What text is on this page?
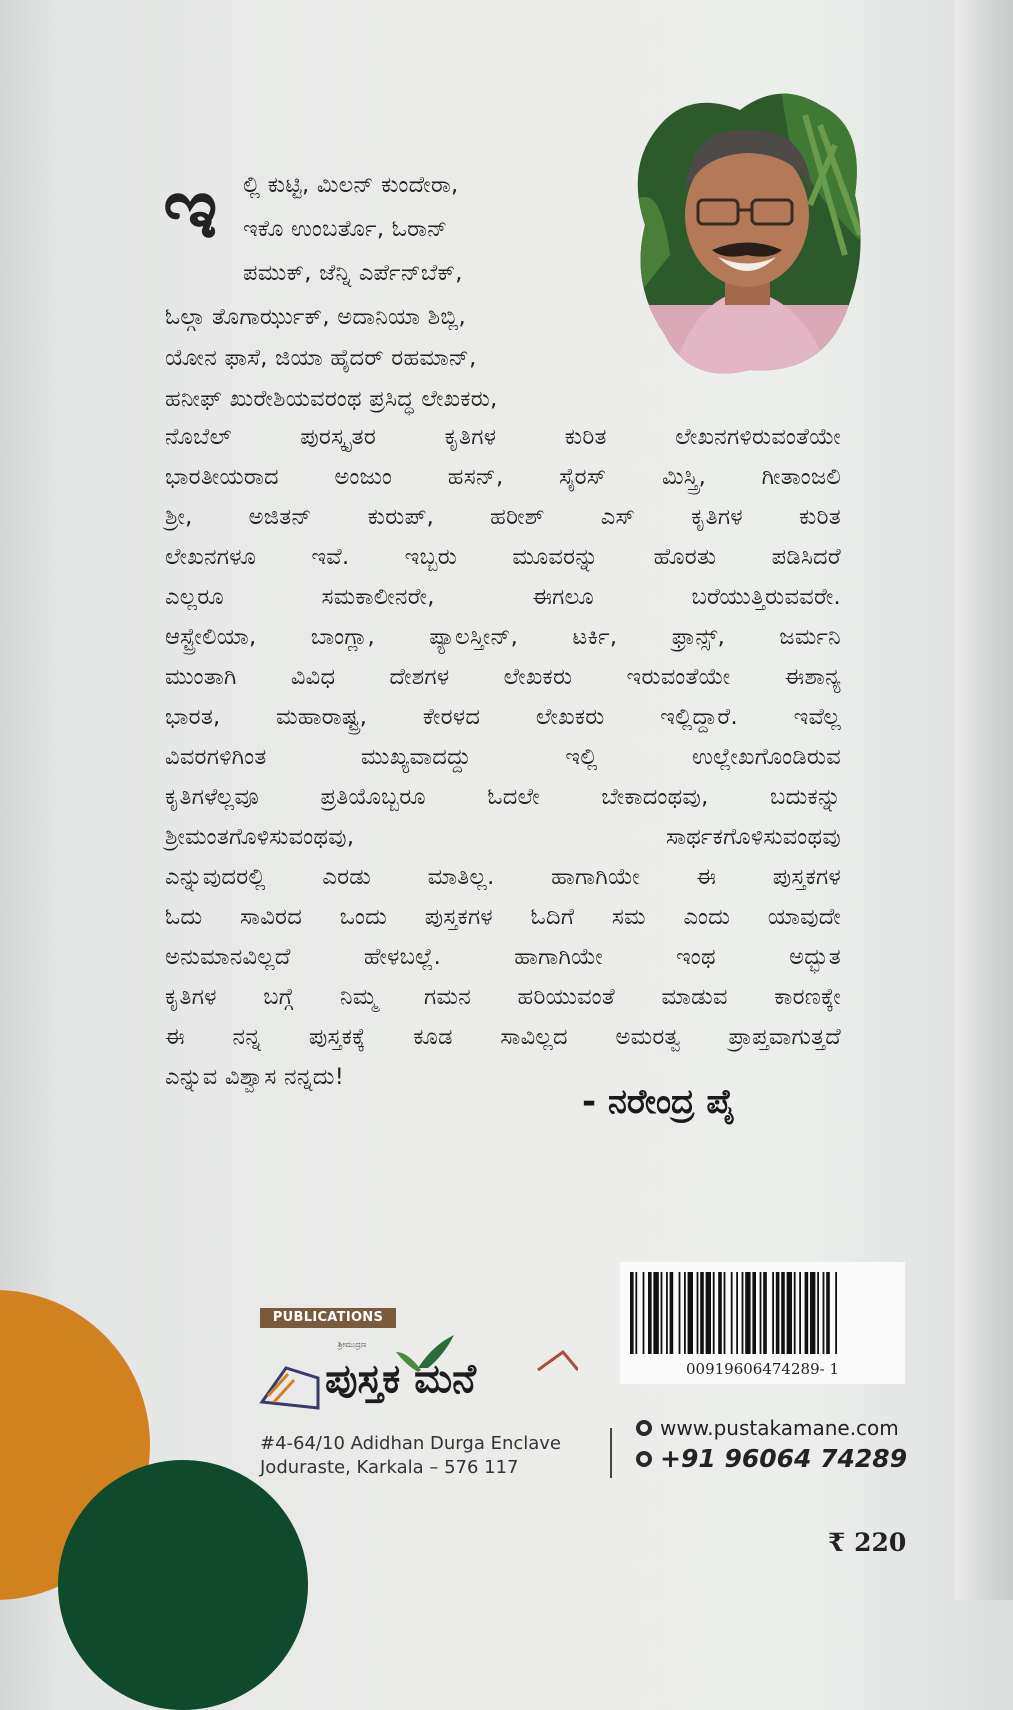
ಇ ಲ್ಲಿ ಕುಟ್ಟಿ, ಮಿಲನ್ ಕುಂದೇರಾ,
ಇಕೊ ಉಂಬರ್ತೊ, ಓರಾನ್
ಪಮುಕ್, ಜೆನ್ನಿ ಎರ್ಪೆನ್‌ಬೆಕ್,
ಓಲ್ಗಾ ತೊಗಾರ್ಝುಕ್, ಅದಾನಿಯಾ ಶಿಬ್ಲಿ,
ಯೋನ ಫಾಸೆ, ಜಿಯಾ ಹೈದರ್ ರಹಮಾನ್,
ಹನೀಫ್ ಖುರೇಶಿಯವರಂಥ ಪ್ರಸಿದ್ಧ ಲೇಖಕರು,
ನೊಬೆಲ್ ಪುರಸ್ಕೃತರ ಕೃತಿಗಳ ಕುರಿತ ಲೇಖನಗಳಿರುವಂತೆಯೇ
ಭಾರತೀಯರಾದ ಅಂಜುಂ ಹಸನ್, ಸೈರಸ್ ಮಿಸ್ತ್ರಿ, ಗೀತಾಂಜಲಿ
ಶ್ರೀ, ಅಜಿತನ್ ಕುರುಪ್, ಹರೀಶ್ ಎಸ್ ಕೃತಿಗಳ ಕುರಿತ
ಲೇಖನಗಳೂ ಇವೆ. ಇಬ್ಬರು ಮೂವರನ್ನು ಹೊರತು ಪಡಿಸಿದರೆ
ಎಲ್ಲರೂ ಸಮಕಾಲೀನರೇ, ಈಗಲೂ ಬರೆಯುತ್ತಿರುವವರೇ.
ಆಸ್ಟ್ರೇಲಿಯಾ, ಬಾಂಗ್ಲಾ, ಪ್ಯಾಲಸ್ತೀನ್, ಟರ್ಕಿ, ಫ್ರಾನ್ಸ್, ಜರ್ಮನಿ
ಮುಂತಾಗಿ ವಿವಿಧ ದೇಶಗಳ ಲೇಖಕರು ಇರುವಂತೆಯೇ ಈಶಾನ್ಯ
ಭಾರತ, ಮಹಾರಾಷ್ಟ್ರ, ಕೇರಳದ ಲೇಖಕರು ಇಲ್ಲಿದ್ದಾರೆ. ಇವೆಲ್ಲ
ವಿವರಗಳಿಗಿಂತ ಮುಖ್ಯವಾದದ್ದು ಇಲ್ಲಿ ಉಲ್ಲೇಖಗೊಂಡಿರುವ
ಕೃತಿಗಳೆಲ್ಲವೂ ಪ್ರತಿಯೊಬ್ಬರೂ ಓದಲೇ ಬೇಕಾದಂಥವು, ಬದುಕನ್ನು
ಶ್ರೀಮಂತಗೊಳಿಸುವಂಥವು, ಸಾರ್ಥಕಗೊಳಿಸುವಂಥವು
ಎನ್ನುವುದರಲ್ಲಿ ಎರಡು ಮಾತಿಲ್ಲ. ಹಾಗಾಗಿಯೇ ಈ ಪುಸ್ತಕಗಳ
ಓದು ಸಾವಿರದ ಒಂದು ಪುಸ್ತಕಗಳ ಓದಿಗೆ ಸಮ ಎಂದು ಯಾವುದೇ
ಅನುಮಾನವಿಲ್ಲದೆ ಹೇಳಬಲ್ಲೆ. ಹಾಗಾಗಿಯೇ ಇಂಥ ಅದ್ಭುತ
ಕೃತಿಗಳ ಬಗ್ಗೆ ನಿಮ್ಮ ಗಮನ ಹರಿಯುವಂತೆ ಮಾಡುವ ಕಾರಣಕ್ಕೇ
ಈ ನನ್ನ ಪುಸ್ತಕಕ್ಕೆ ಕೂಡ ಸಾವಿಲ್ಲದ ಅಮರತ್ವ ಪ್ರಾಪ್ತವಾಗುತ್ತದೆ
ಎನ್ನುವ ವಿಶ್ವಾಸ ನನ್ನದು!
- ನರೇಂದ್ರ ಪೈ
₹ 220
00919606474289- 1
PUBLICATIONS
ಶ್ರೀಮುದ್ರಣ
ಪುಸ್ತಕ ಮನೆ
#4-64/10 Adidhan Durga Enclave
Joduraste, Karkala – 576 117
www.pustakamane.com
+91 96064 74289
